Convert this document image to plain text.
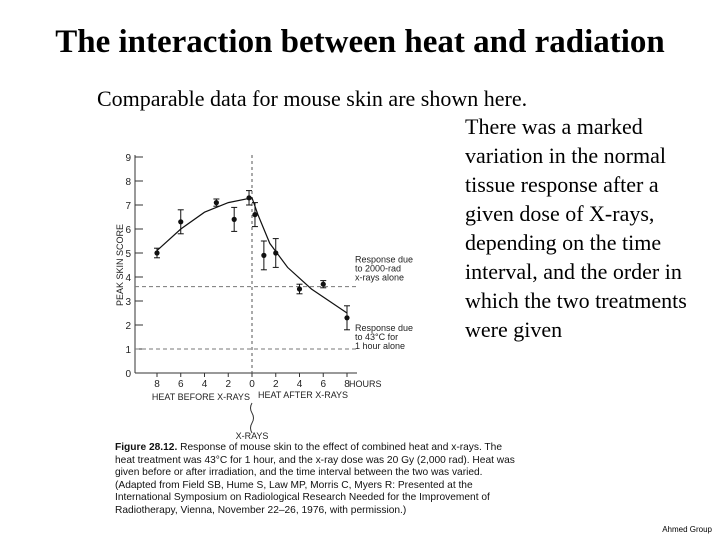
The interaction between heat and radiation
Comparable data for mouse skin are shown here.
There was a marked
variation in the normal
tissue response after a
given dose of X-rays,
depending on the time
interval, and the order in
which the two treatments
were given
0
1
2
3
4
5
6
7
8
9
PEAK SKIN SCORE
8 6 4 2 0 2 4 6 8 HOURS
HEAT BEFORE X-RAYS HEAT AFTER X-RAYS
X-RAYS
Response due
to 2000-rad
x-rays alone
Response due
to 43°C for
1 hour alone
Figure 28.12. Response of mouse skin to the effect of combined heat and x-rays. The heat treatment was 43°C for 1 hour, and the x-ray dose was 20 Gy (2,000 rad). Heat was given before or after irradiation, and the time interval between the two was varied. (Adapted from Field SB, Hume S, Law MP, Morris C, Myers R: Presented at the International Symposium on Radiological Research Needed for the Improvement of Radiotherapy, Vienna, November 22–26, 1976, with permission.)
Ahmed Group
